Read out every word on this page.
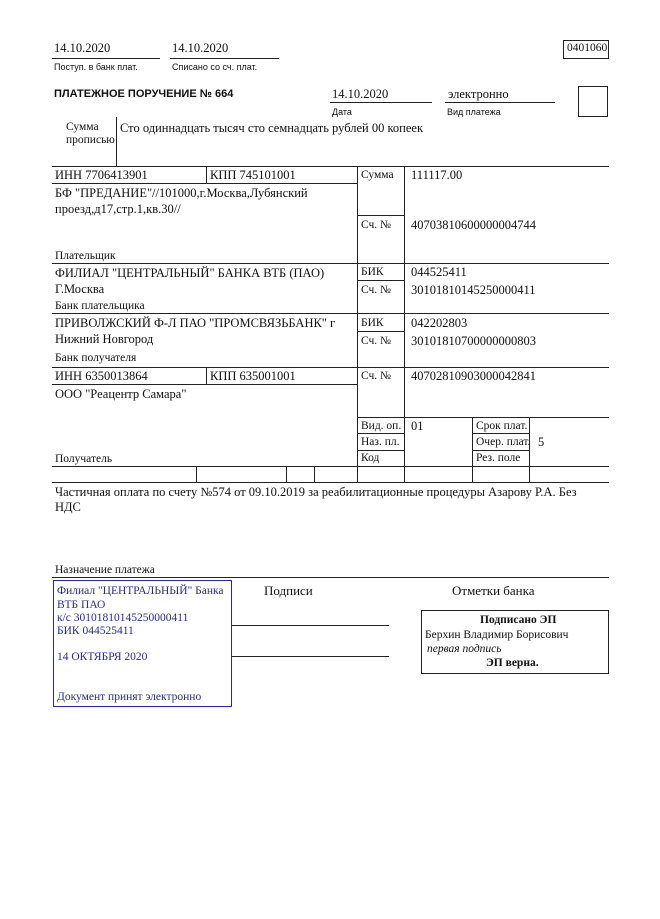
14.10.2020
Поступ. в банк плат.
14.10.2020
Списано со сч. плат.
0401060
ПЛАТЕЖНОЕ ПОРУЧЕНИЕ № 664	14.10.2020
Дата
электронно
Вид платежа
Сумма
прописью
Сто одиннадцать тысяч сто семнадцать рублей 00 копеек
ИНН 7706413901	КПП 745101001
БФ "ПРЕДАНИЕ"//101000,г.Москва,Лубянский
проезд,д17,стр.1,кв.30//
Плательщик
Сумма 111117.00
Сч. № 40703810600000004744
ФИЛИАЛ "ЦЕНТРАЛЬНЫЙ" БАНКА ВТБ (ПАО)
Г.Москва
Банк плательщика
БИК 044525411
Сч. № 30101810145250000411
ПРИВОЛЖСКИЙ Ф-Л ПАО "ПРОМСВЯЗЬБАНК" г
Нижний Новгород
Банк получателя
БИК 042202803
Сч. № 30101810700000000803
ИНН 6350013864	КПП 635001001	Сч. № 40702810903000042841
ООО "Реацентр Самара"
Получатель
Вид. оп. 01	Срок плат.
Наз. пл.	Очер. плат. 5
Код	Рез. поле
Частичная оплата по счету №574 от 09.10.2019 за реабилитационные процедуры Азарову Р.А. Без
НДС
Назначение платежа
Подписи	Отметки банка
Филиал "ЦЕНТРАЛЬНЫЙ" Банка
ВТБ ПАО
к/с 30101810145250000411
БИК 044525411
14 ОКТЯБРЯ 2020
Документ принят электронно
Подписано ЭП
Берхин Владимир Борисович
первая подпись
ЭП верна.
